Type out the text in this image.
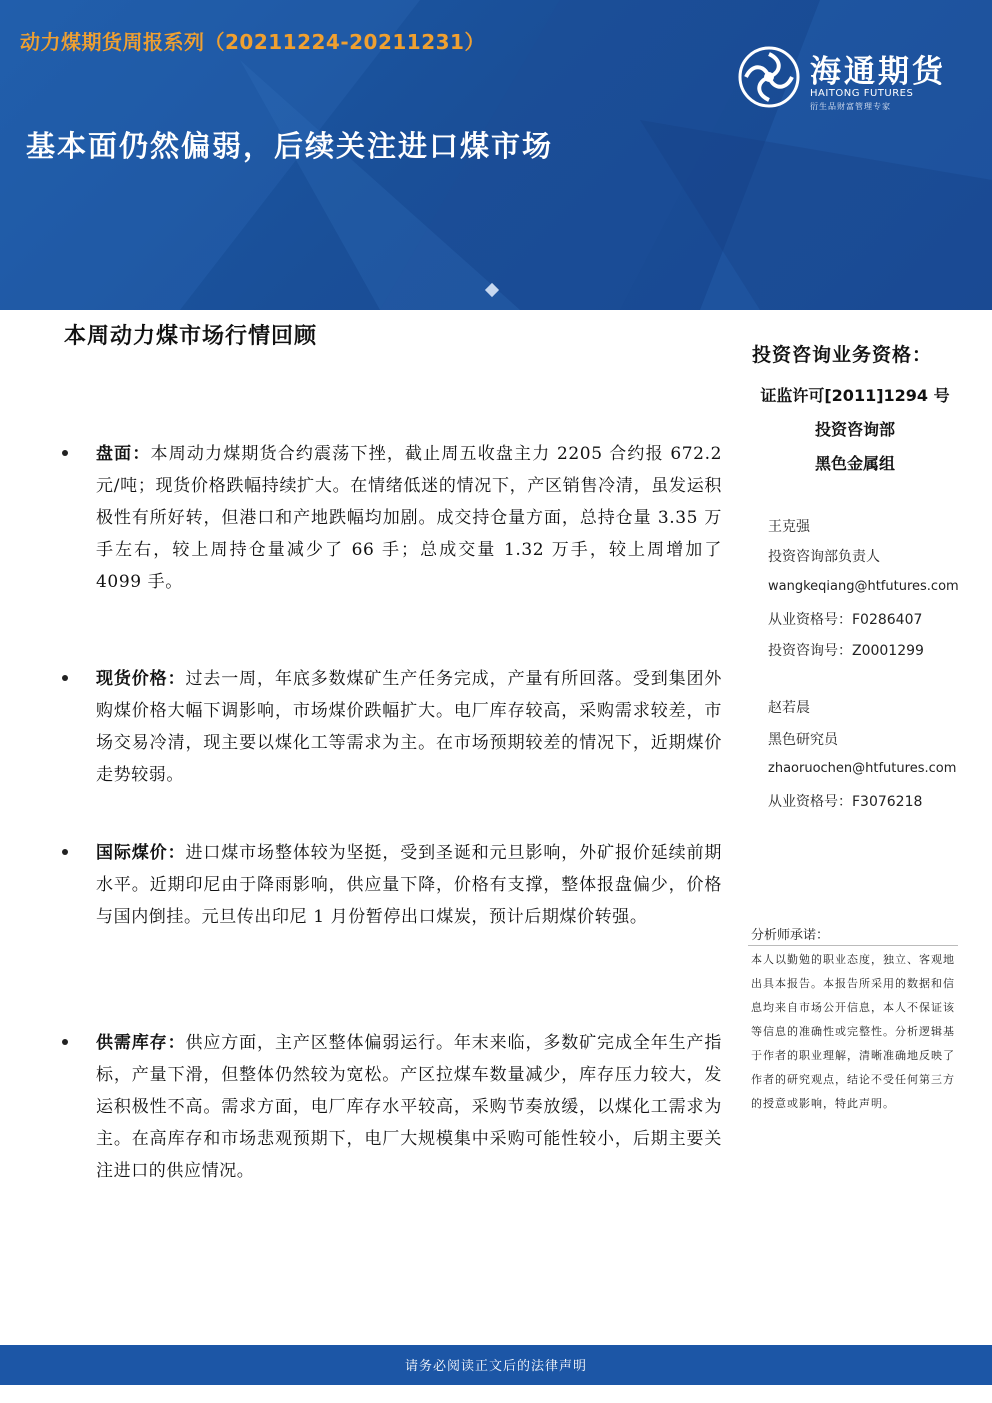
动力煤期货周报系列（20211224-20211231）
基本面仍然偏弱，后续关注进口煤市场
海通期货
HAITONG FUTURES
衍生品财富管理专家
本周动力煤市场行情回顾
盘面：本周动力煤期货合约震荡下挫，截止周五收盘主力 2205 合约报 672.2 元/吨；现货价格跌幅持续扩大。在情绪低迷的情况下，产区销售冷清，虽发运积极性有所好转，但港口和产地跌幅均加剧。成交持仓量方面，总持仓量 3.35 万手左右，较上周持仓量减少了 66 手；总成交量 1.32 万手，较上周增加了 4099 手。
现货价格：过去一周，年底多数煤矿生产任务完成，产量有所回落。受到集团外购煤价格大幅下调影响，市场煤价跌幅扩大。电厂库存较高，采购需求较差，市场交易冷清，现主要以煤化工等需求为主。在市场预期较差的情况下，近期煤价走势较弱。
国际煤价：进口煤市场整体较为坚挺，受到圣诞和元旦影响，外矿报价延续前期水平。近期印尼由于降雨影响，供应量下降，价格有支撑，整体报盘偏少，价格与国内倒挂。元旦传出印尼 1 月份暂停出口煤炭，预计后期煤价转强。
供需库存：供应方面，主产区整体偏弱运行。年末来临，多数矿完成全年生产指标，产量下滑，但整体仍然较为宽松。产区拉煤车数量减少，库存压力较大，发运积极性不高。需求方面，电厂库存水平较高，采购节奏放缓，以煤化工需求为主。在高库存和市场悲观预期下，电厂大规模集中采购可能性较小，后期主要关注进口的供应情况。
投资咨询业务资格：
证监许可[2011]1294 号
投资咨询部
黑色金属组
王克强
投资咨询部负责人
wangkeqiang@htfutures.com
从业资格号：F0286407
投资咨询号：Z0001299
赵若晨
黑色研究员
zhaoruochen@htfutures.com
从业资格号：F3076218
分析师承诺：
本人以勤勉的职业态度，独立、客观地出具本报告。本报告所采用的数据和信息均来自市场公开信息，本人不保证该等信息的准确性或完整性。分析逻辑基于作者的职业理解，清晰准确地反映了作者的研究观点，结论不受任何第三方的授意或影响，特此声明。
请务必阅读正文后的法律声明
